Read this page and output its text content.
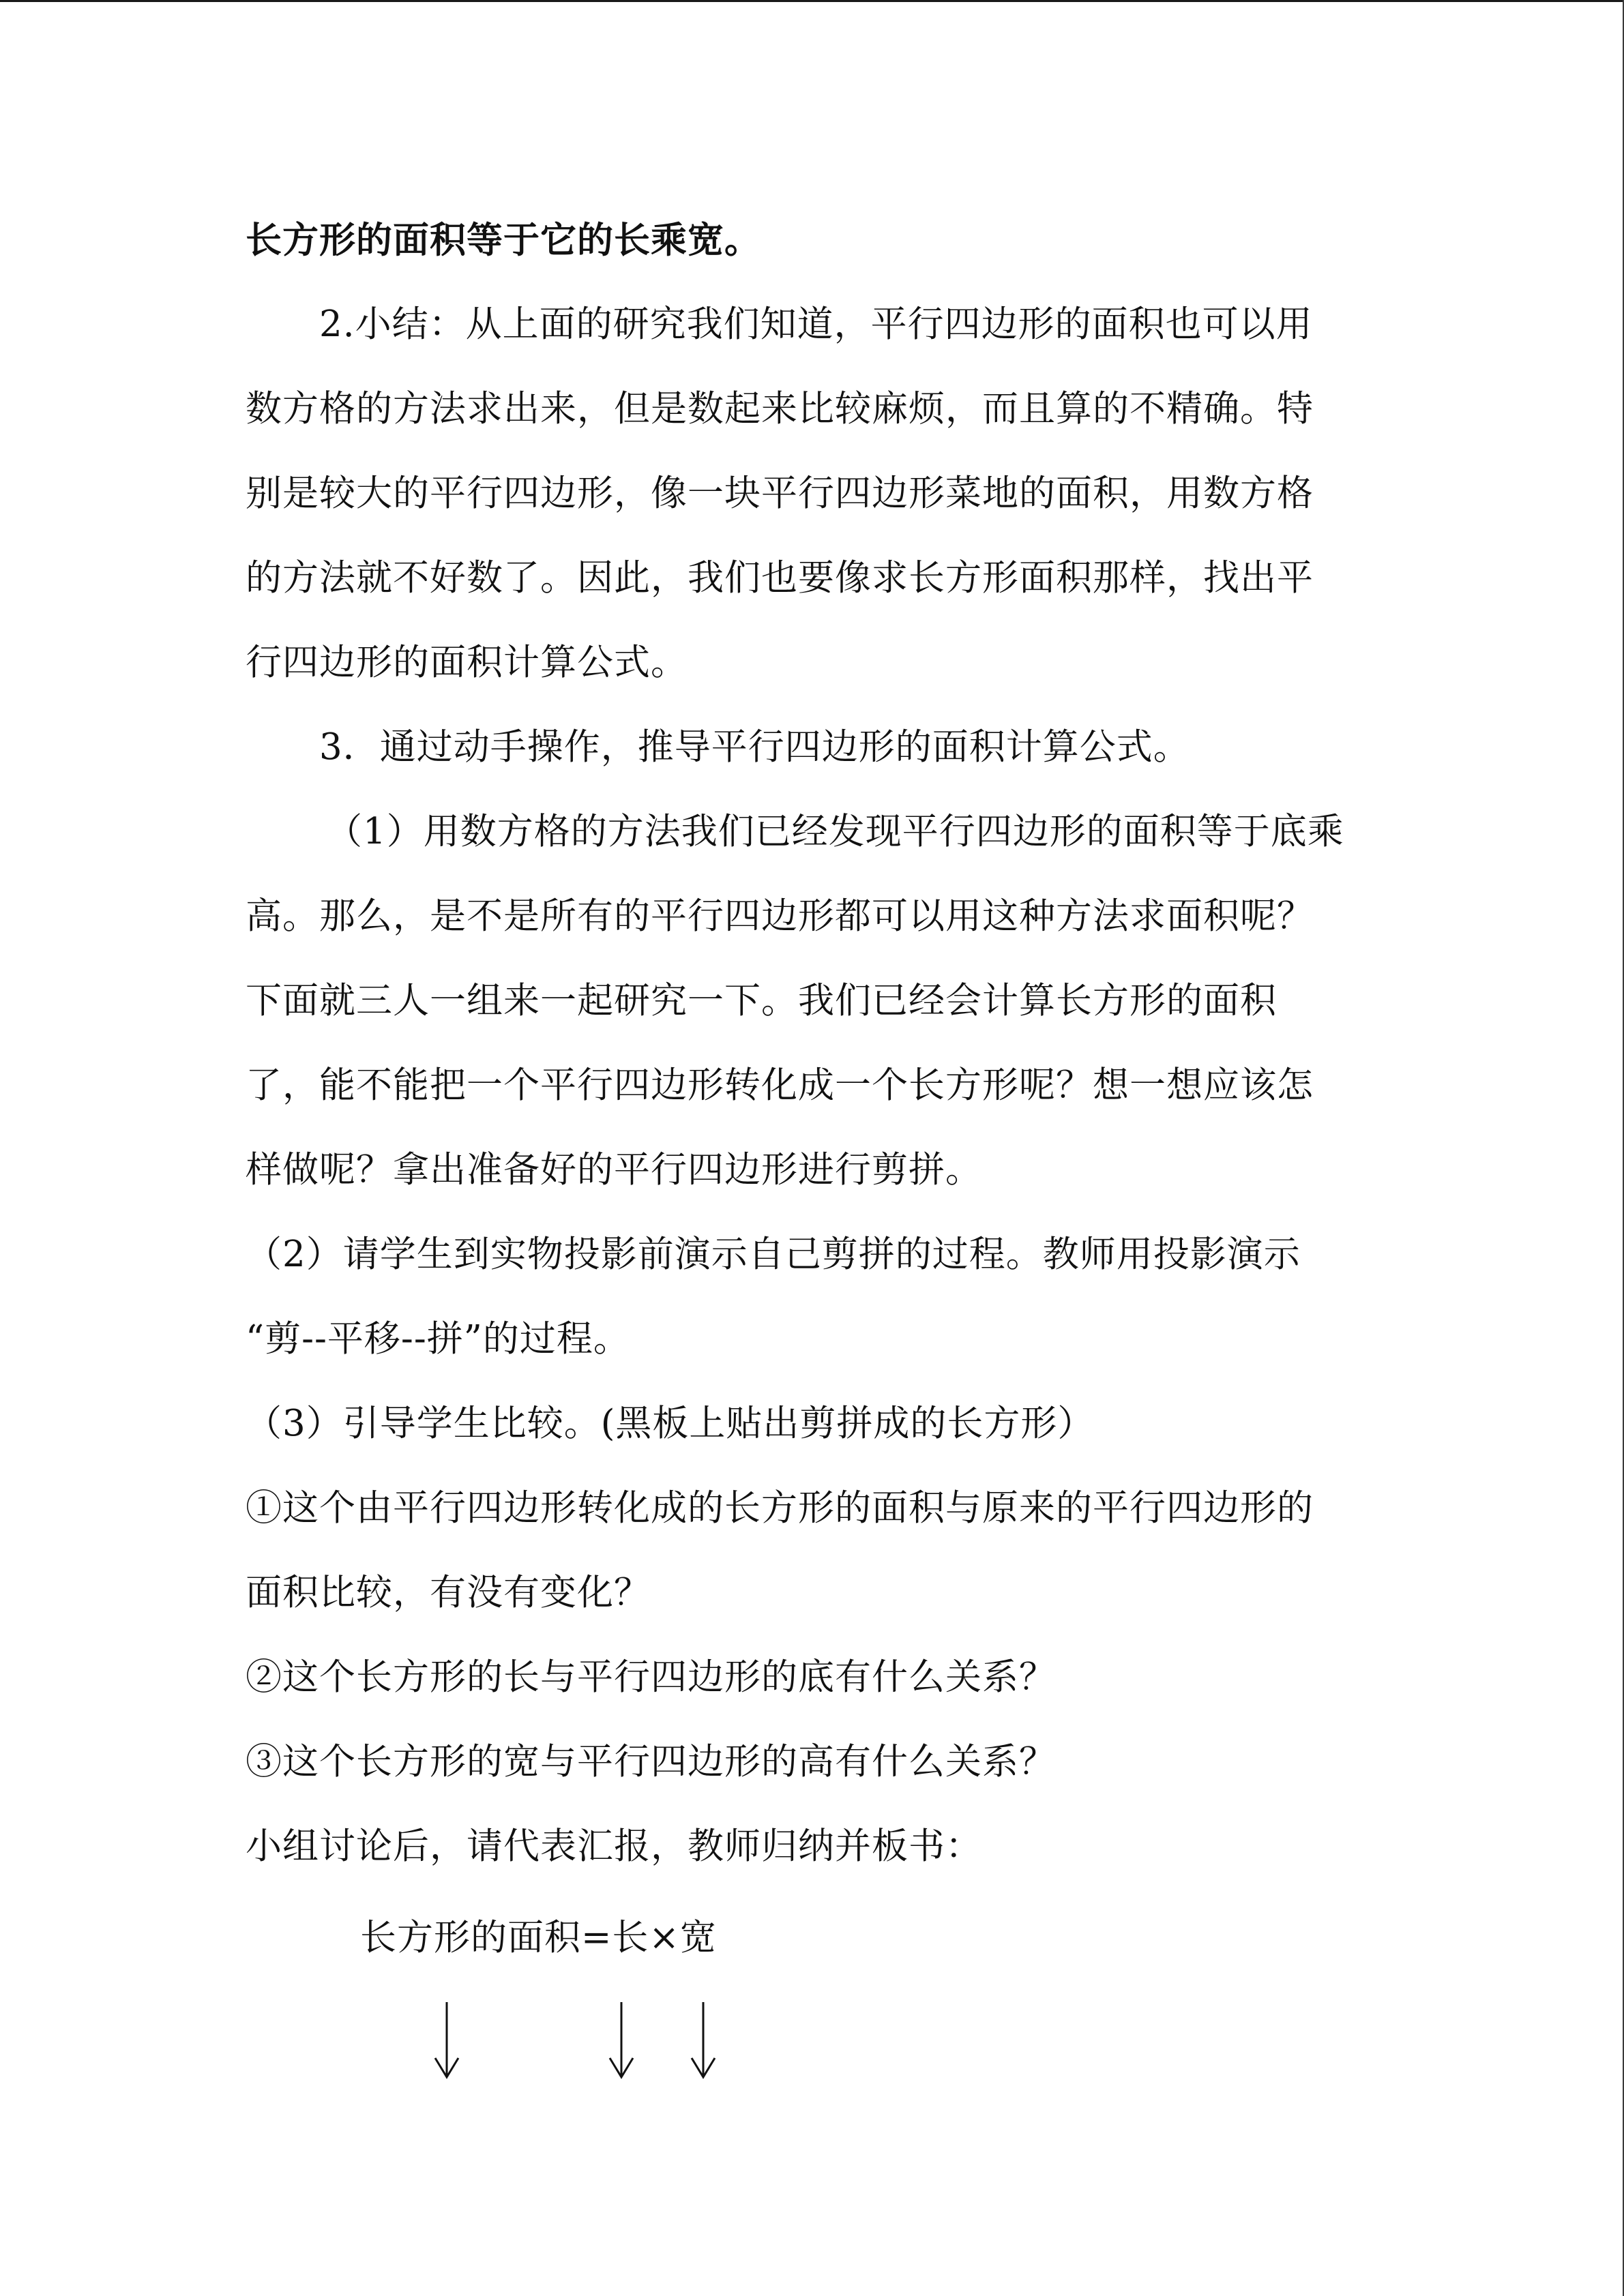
长方形的面积等于它的长乘宽。
2.小结：从上面的研究我们知道，平行四边形的面积也可以用
数方格的方法求出来，但是数起来比较麻烦，而且算的不精确。特
别是较大的平行四边形，像一块平行四边形菜地的面积，用数方格
的方法就不好数了。因此，我们也要像求长方形面积那样，找出平
行四边形的面积计算公式。
3．通过动手操作，推导平行四边形的面积计算公式。
（1）用数方格的方法我们已经发现平行四边形的面积等于底乘
高。那么，是不是所有的平行四边形都可以用这种方法求面积呢？
下面就三人一组来一起研究一下。我们已经会计算长方形的面积
了，能不能把一个平行四边形转化成一个长方形呢？想一想应该怎
样做呢？拿出准备好的平行四边形进行剪拼。
（2）请学生到实物投影前演示自己剪拼的过程。教师用投影演示
“剪--平移--拼”的过程。
（3）引导学生比较。(黑板上贴出剪拼成的长方形）
①这个由平行四边形转化成的长方形的面积与原来的平行四边形的
面积比较，有没有变化？
②这个长方形的长与平行四边形的底有什么关系？
③这个长方形的宽与平行四边形的高有什么关系？
小组讨论后，请代表汇报，教师归纳并板书：
长方形的面积=长×宽
